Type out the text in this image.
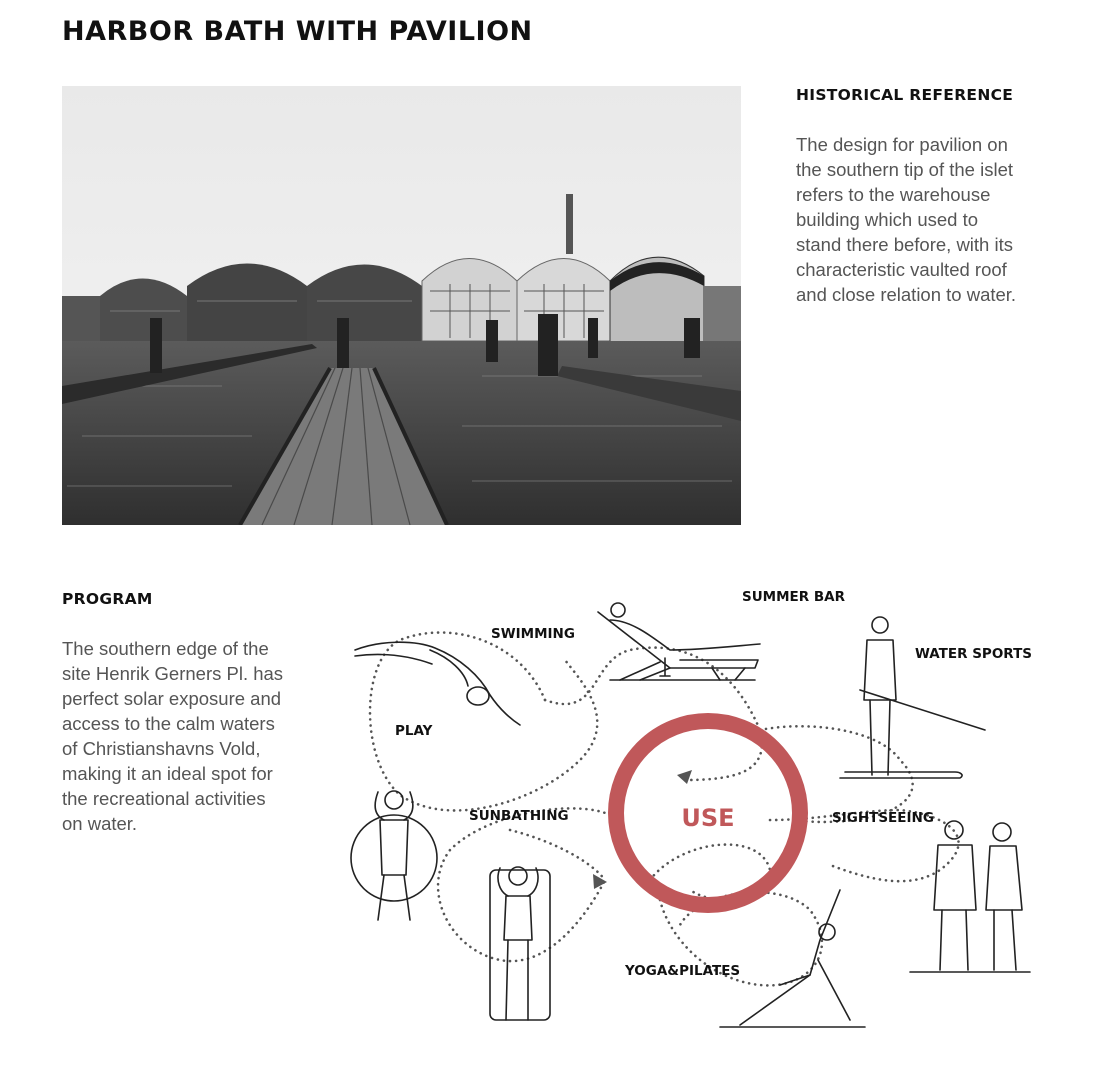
HARBOR BATH WITH PAVILION
HISTORICAL REFERENCE
The design for pavilion on
the southern tip of the islet
refers to the warehouse
building which used to
stand there before, with its
characteristic vaulted roof
and close relation to water.
PROGRAM
The southern edge of the
site Henrik Gerners Pl. has
perfect solar exposure and
access to the calm waters
of Christianshavns Vold,
making it an ideal spot for
the recreational activities
on water.	USE
SWIMMING
SUMMER BAR
WATER SPORTS
PLAY
SUNBATHING	SIGHTSEEING
YOGA&PILATES
